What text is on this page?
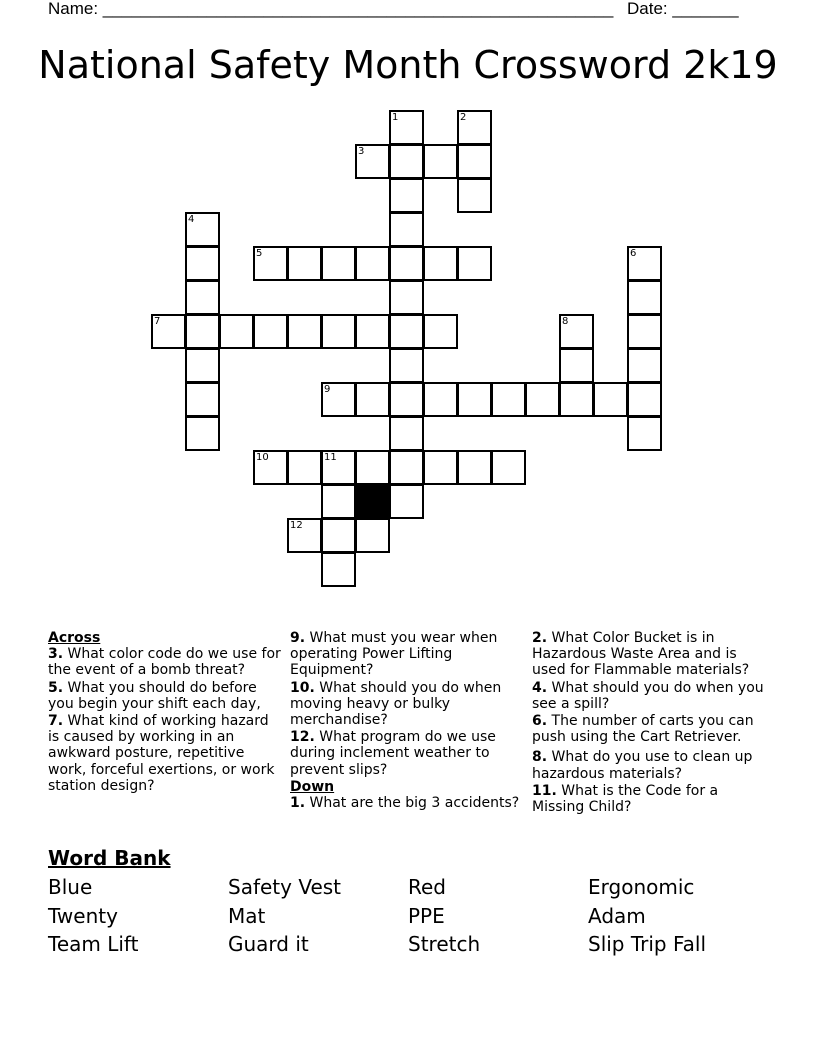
Name: ______________________________________________________ Date: _______
National Safety Month Crossword 2k19
1	2
3
4
5	6
7	8
9
10	11
12

Across

3. What color code do we use for the event of a bomb threat?

5. What you should do before you begin your shift each day,

7. What kind of working hazard is caused by working in an awkward posture, repetitive work, forceful exertions, or work station design?

9. What must you wear when operating Power Lifting Equipment?

10. What should you do when moving heavy or bulky merchandise?

12. What program do we use during inclement weather to prevent slips?

Down

1. What are the big 3 accidents?

2. What Color Bucket is in Hazardous Waste Area and is used for Flammable materials?

4. What should you do when you see a spill?

6. The number of carts you can push using the Cart Retriever.

8. What do you use to clean up hazardous materials?

11. What is the Code for a Missing Child?

Word Bank
Blue	Safety Vest	Red	Ergonomic
Twenty	Mat	PPE	Adam
Team Lift	Guard it	Stretch	Slip Trip Fall
